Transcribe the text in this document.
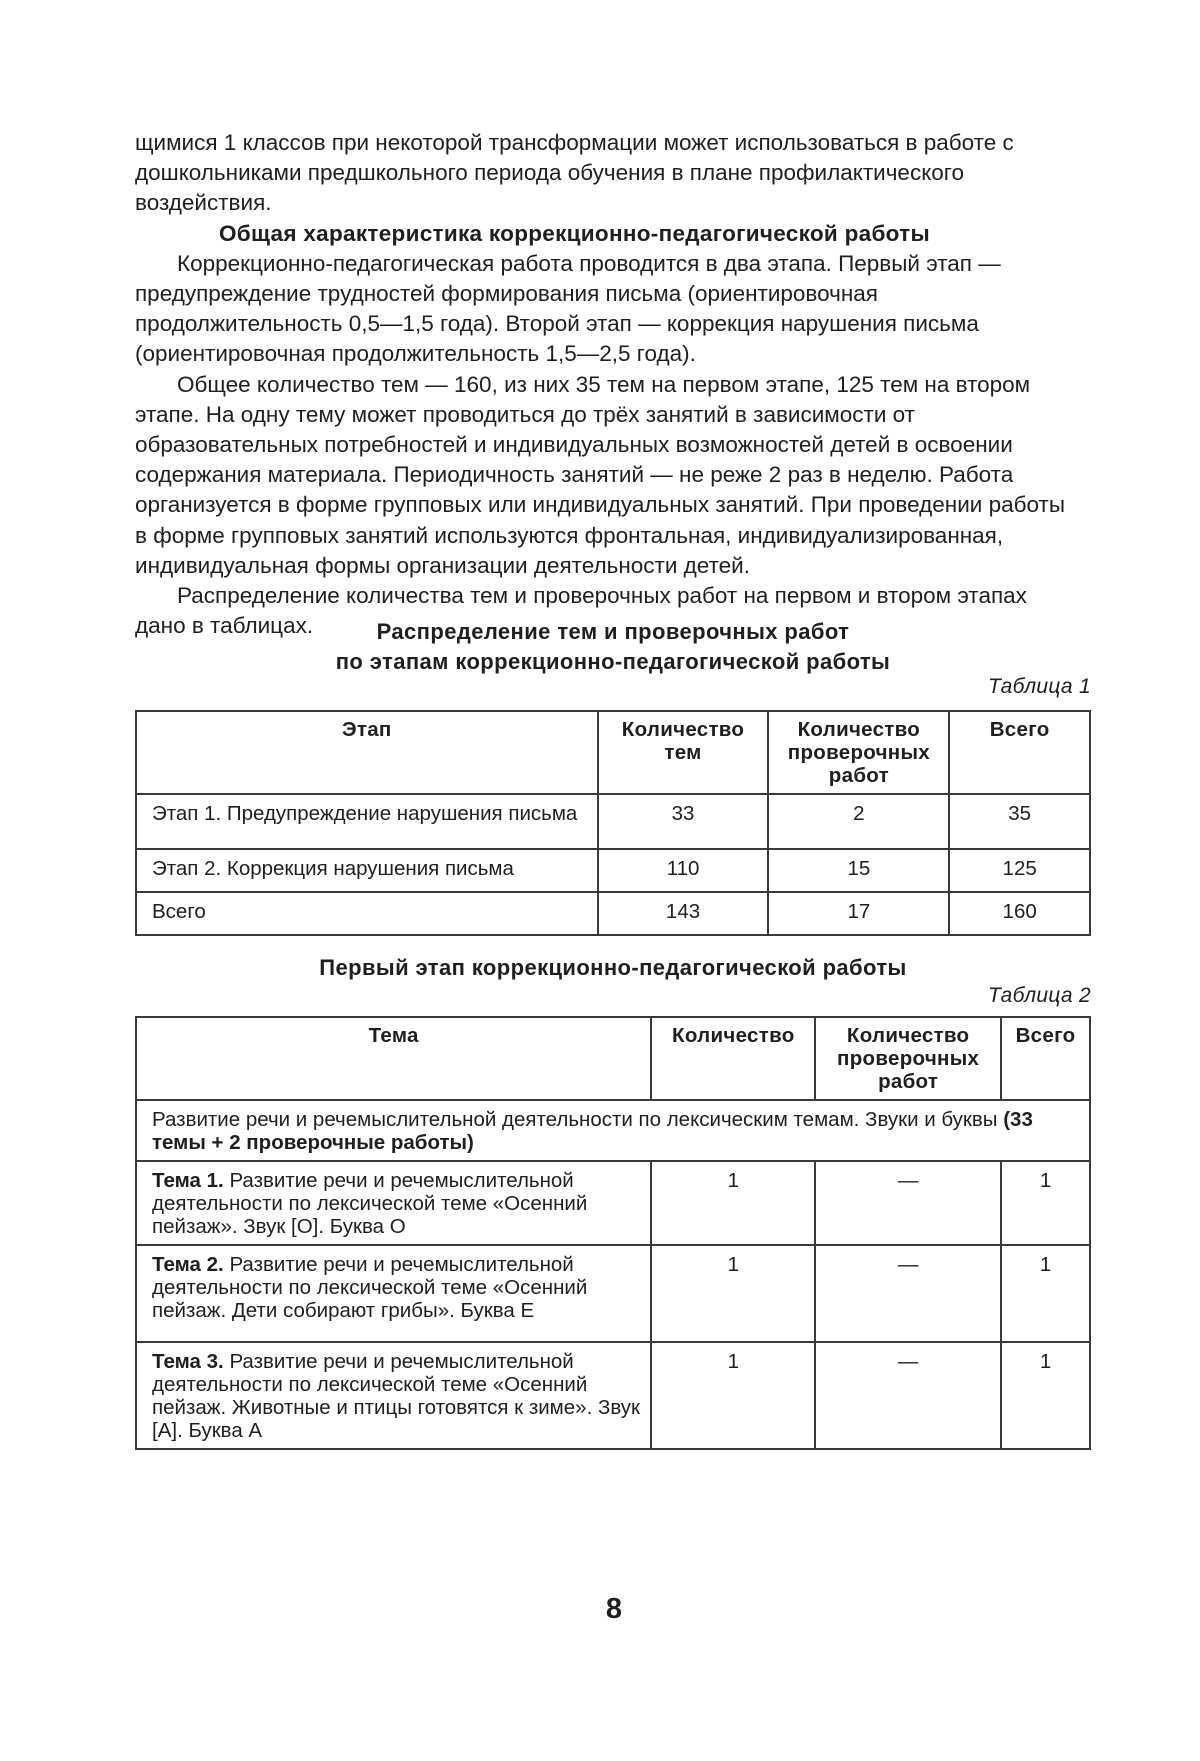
щимися 1 классов при некоторой трансформации может использоваться в работе с дошкольниками предшкольного периода обучения в плане профилактического воздействия.

Общая характеристика коррекционно-педагогической работы

Коррекционно-педагогическая работа проводится в два этапа. Первый этап — предупреждение трудностей формирования письма (ориентировочная продолжительность 0,5—1,5 года). Второй этап — коррекция нарушения письма (ориентировочная продолжительность 1,5—2,5 года).

Общее количество тем — 160, из них 35 тем на первом этапе, 125 тем на втором этапе. На одну тему может проводиться до трёх занятий в зависимости от образовательных потребностей и индивидуальных возможностей детей в освоении содержания материала. Периодичность занятий — не реже 2 раз в неделю. Работа организуется в форме групповых или индивидуальных занятий. При проведении работы в форме групповых занятий используются фронтальная, индивидуализированная, индивидуальная формы организации деятельности детей.

Распределение количества тем и проверочных работ на первом и втором этапах дано в таблицах.	Распределение тем и проверочных работ
по этапам коррекционно-педагогической работы
Таблица 1
Этап	Количество тем	Количество проверочных работ	Всего
Этап 1. Предупреждение нарушения письма	33	2	35
Этап 2. Коррекция нарушения письма	110	15	125
Всего	143	17	160
Первый этап коррекционно-педагогической работы
Таблица 2
Тема	Количество	Количество проверочных работ	Всего
Развитие речи и речемыслительной деятельности по лексическим темам. Звуки и буквы (33 темы + 2 проверочные работы)			
Тема 1. Развитие речи и речемыслительной деятельности по лексической теме «Осенний пейзаж». Звук [О]. Буква О	1	—	1
Тема 2. Развитие речи и речемыслительной деятельности по лексической теме «Осенний пейзаж. Дети собирают грибы». Буква Е	1	—	1
Тема 3. Развитие речи и речемыслительной деятельности по лексической теме «Осенний пейзаж. Животные и птицы готовятся к зиме». Звук [А]. Буква А	1	—	1
8
